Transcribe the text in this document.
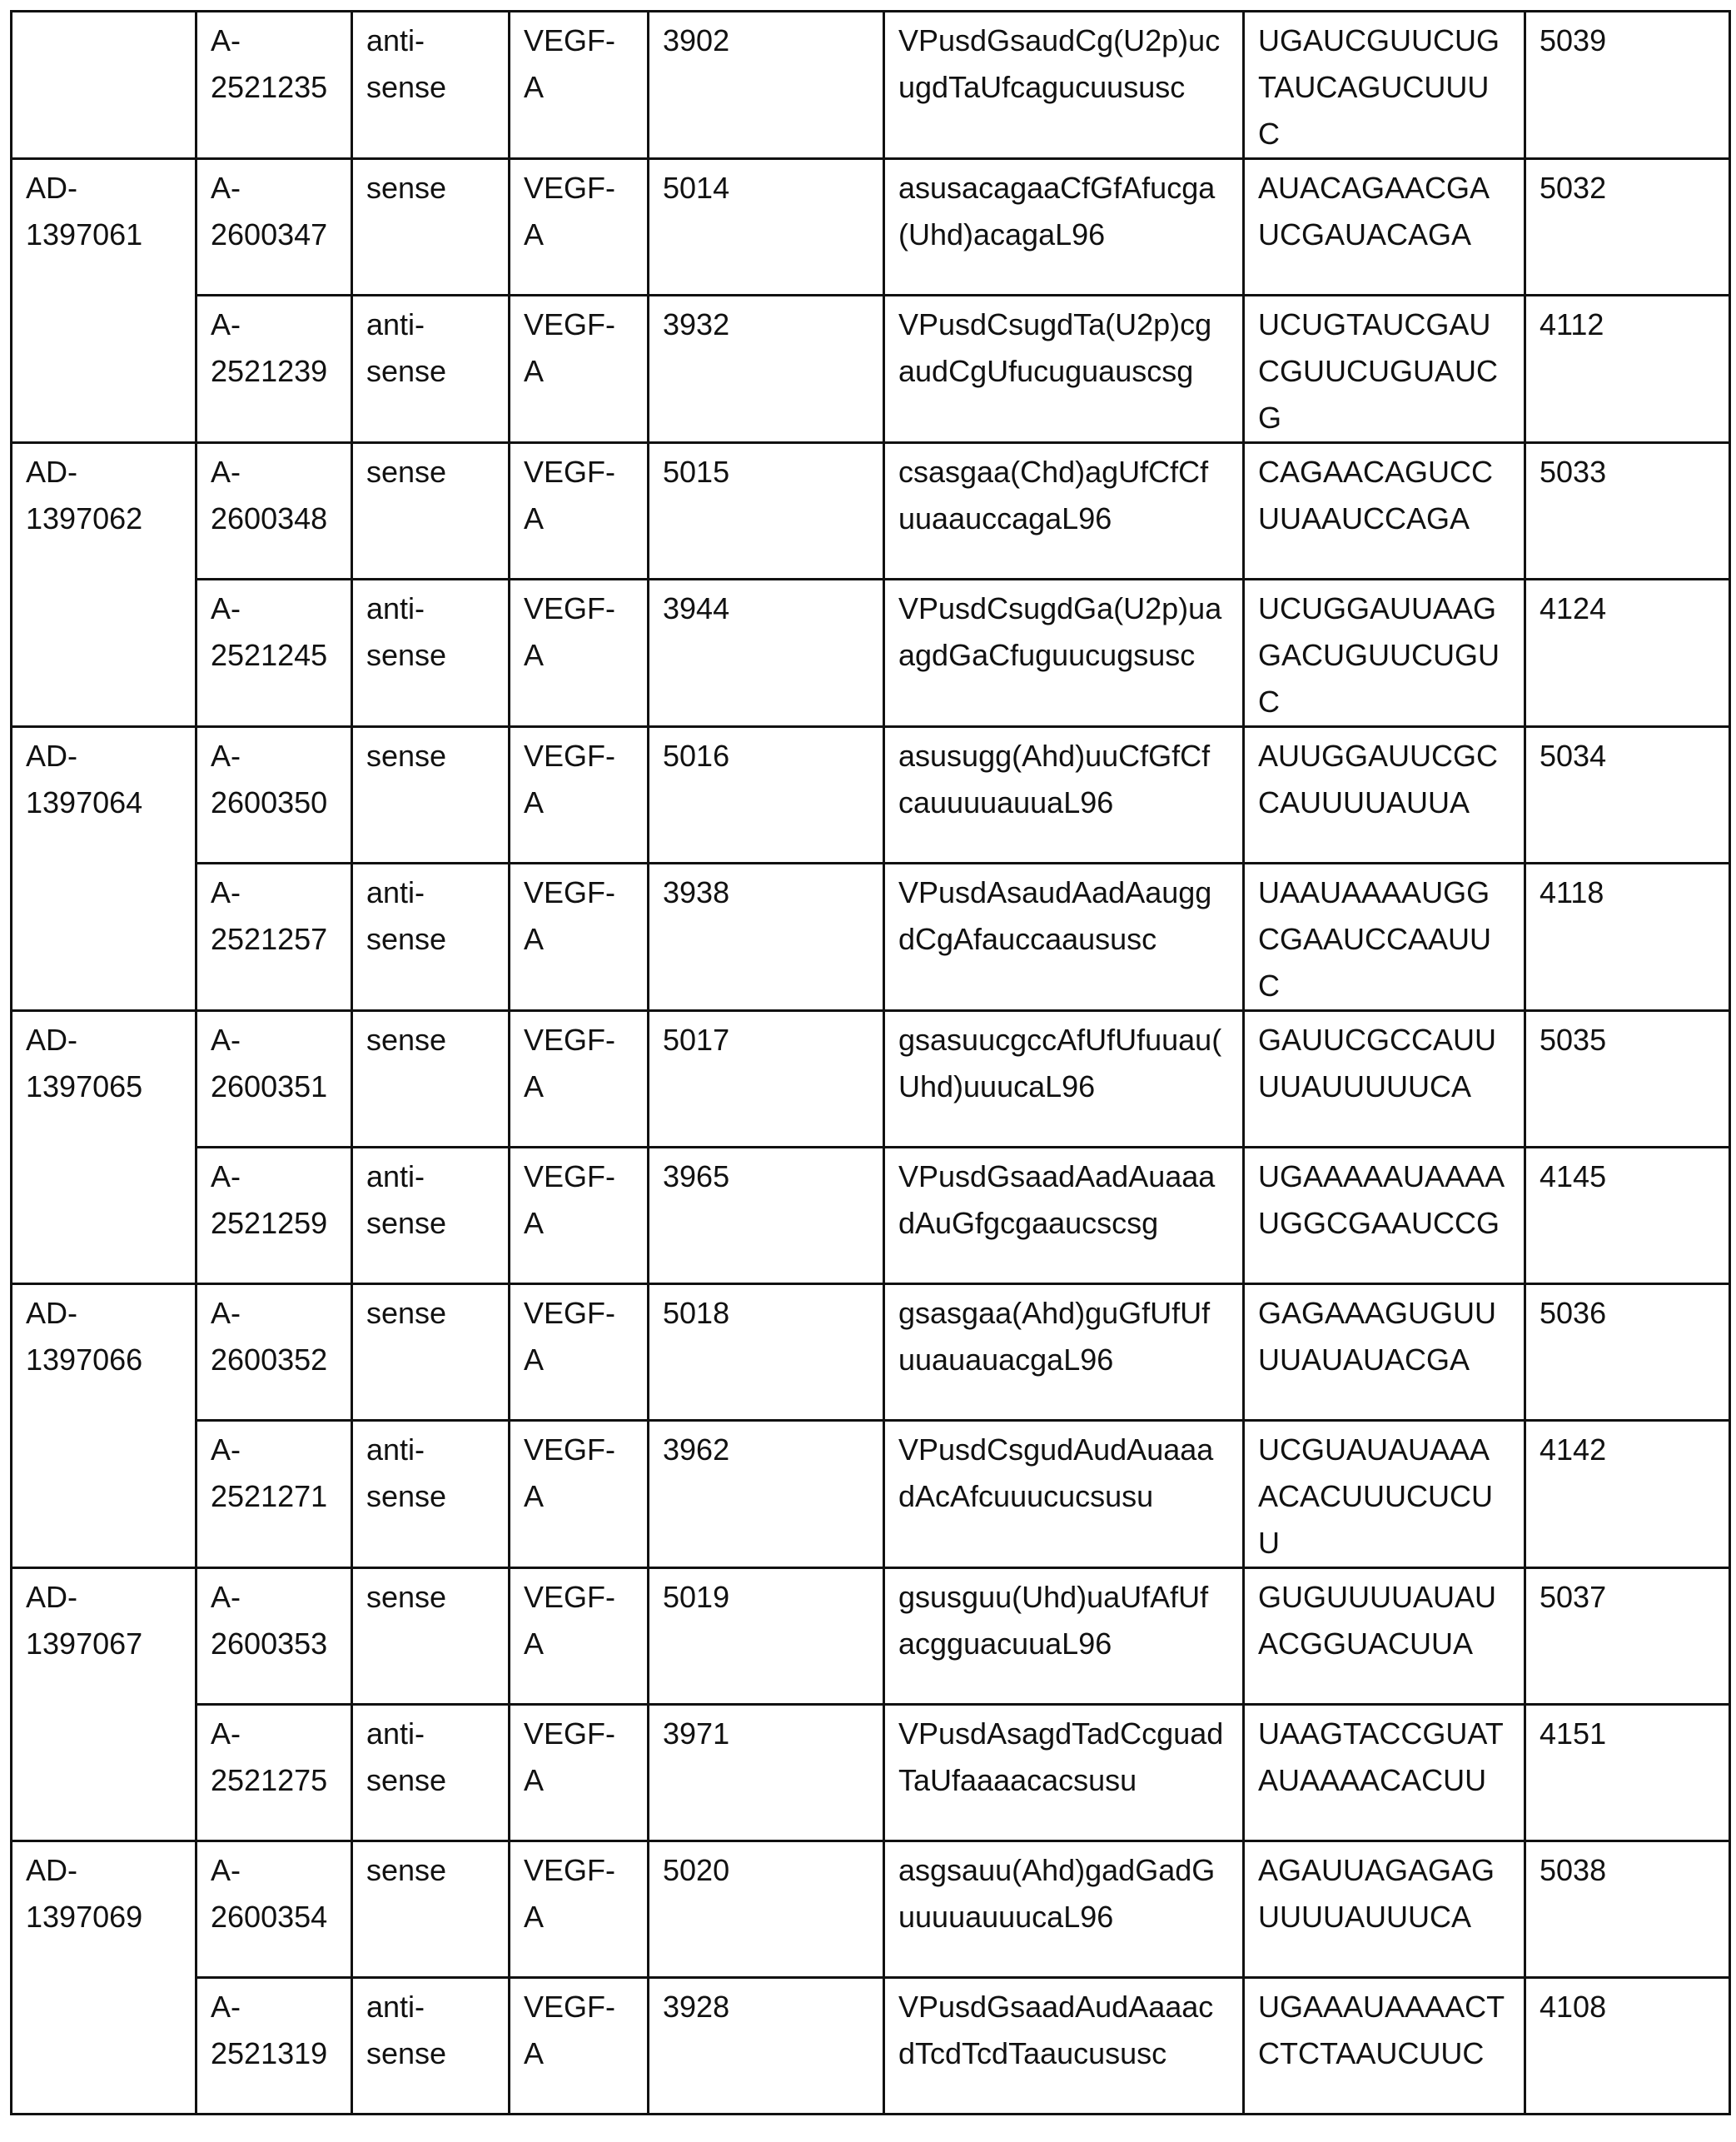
	A-2521235	anti-sense	VEGF-A	3902	VPusdGsaudCg(U2p)ucugdTaUfcagucuususc	UGAUCGUUCUGTAUCAGUCUUUC	5039
AD-1397061	A-2600347	sense	VEGF-A	5014	asusacagaaCfGfAfucga(Uhd)acagaL96	AUACAGAACGAUCGAUACAGA	5032
A-2521239	anti-sense	VEGF-A	3932	VPusdCsugdTa(U2p)cgaudCgUfucuguauscsg	UCUGTAUCGAUCGUUCUGUAUCG	4112
AD-1397062	A-2600348	sense	VEGF-A	5015	csasgaa(Chd)agUfCfCfuuaauccagaL96	CAGAACAGUCCUUAAUCCAGA	5033
A-2521245	anti-sense	VEGF-A	3944	VPusdCsugdGa(U2p)uaagdGaCfuguucugsusc	UCUGGAUUAAGGACUGUUCUGUC	4124
AD-1397064	A-2600350	sense	VEGF-A	5016	asusugg(Ahd)uuCfGfCfcauuuuauuaL96	AUUGGAUUCGCCAUUUUAUUA	5034
A-2521257	anti-sense	VEGF-A	3938	VPusdAsaudAadAauggdCgAfauccaaususc	UAAUAAAAUGGCGAAUCCAAUUC	4118
AD-1397065	A-2600351	sense	VEGF-A	5017	gsasuucgccAfUfUfuuau(Uhd)uuucaL96	GAUUCGCCAUUUUAUUUUUCA	5035
A-2521259	anti-sense	VEGF-A	3965	VPusdGsaadAadAuaaadAuGfgcgaaucscsg	UGAAAAAUAAAAUGGCGAAUCCG	4145
AD-1397066	A-2600352	sense	VEGF-A	5018	gsasgaa(Ahd)guGfUfUfuuauauacgaL96	GAGAAAGUGUUUUAUAUACGA	5036
A-2521271	anti-sense	VEGF-A	3962	VPusdCsgudAudAuaaadAcAfcuuucucsusu	UCGUAUAUAAAACACUUUCUCUU	4142
AD-1397067	A-2600353	sense	VEGF-A	5019	gsusguu(Uhd)uaUfAfUfacgguacuuaL96	GUGUUUUAUAUACGGUACUUA	5037
A-2521275	anti-sense	VEGF-A	3971	VPusdAsagdTadCcguadTaUfaaaacacsusu	UAAGTACCGUATAUAAAACACUU	4151
AD-1397069	A-2600354	sense	VEGF-A	5020	asgsauu(Ahd)gadGadGuuuuauuucaL96	AGAUUAGAGAGUUUUAUUUCA	5038
A-2521319	anti-sense	VEGF-A	3928	VPusdGsaadAudAaaacdTcdTcdTaaucususc	UGAAAUAAAACTCTCTAAUCUUC	4108
